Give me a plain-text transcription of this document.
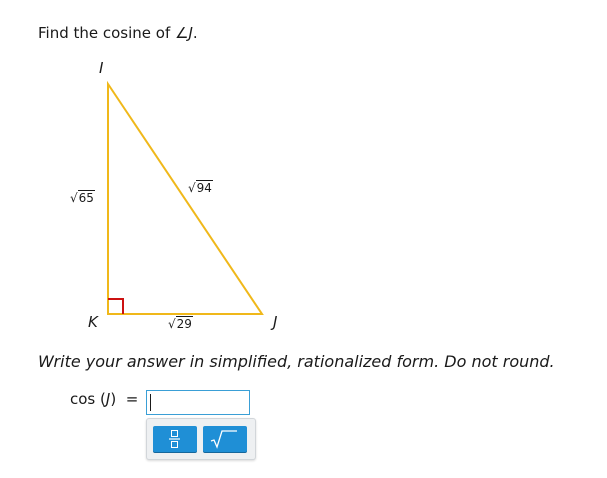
Find the cosine of ∠J.
I
K	J
√65
√94
√29
Write your answer in simplified, rationalized form. Do not round.
cos
( J )
=
